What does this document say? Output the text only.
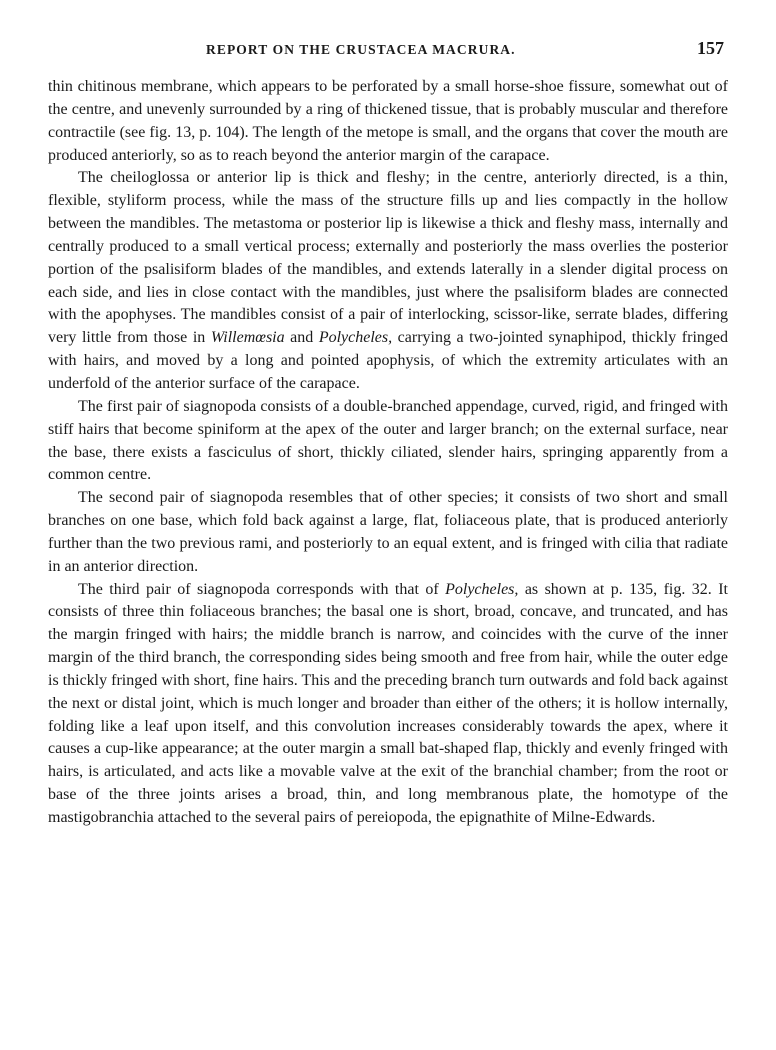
REPORT ON THE CRUSTACEA MACRURA.	157

thin chitinous membrane, which appears to be perforated by a small horse-shoe fissure, somewhat out of the centre, and unevenly surrounded by a ring of thickened tissue, that is probably muscular and therefore contractile (see fig. 13, p. 104). The length of the metope is small, and the organs that cover the mouth are produced anteriorly, so as to reach beyond the anterior margin of the carapace.

The cheiloglossa or anterior lip is thick and fleshy; in the centre, anteriorly directed, is a thin, flexible, styliform process, while the mass of the structure fills up and lies compactly in the hollow between the mandibles. The metastoma or posterior lip is likewise a thick and fleshy mass, internally and centrally produced to a small vertical process; externally and posteriorly the mass overlies the posterior portion of the psalisiform blades of the mandibles, and extends laterally in a slender digital process on each side, and lies in close contact with the mandibles, just where the psalisiform blades are connected with the apophyses. The mandibles consist of a pair of interlocking, scissor-like, serrate blades, differing very little from those in Willemœsia and Polycheles, carrying a two-jointed synaphipod, thickly fringed with hairs, and moved by a long and pointed apophysis, of which the extremity articulates with an underfold of the anterior surface of the carapace.

The first pair of siagnopoda consists of a double-branched appendage, curved, rigid, and fringed with stiff hairs that become spiniform at the apex of the outer and larger branch; on the external surface, near the base, there exists a fasciculus of short, thickly ciliated, slender hairs, springing apparently from a common centre.

The second pair of siagnopoda resembles that of other species; it consists of two short and small branches on one base, which fold back against a large, flat, foliaceous plate, that is produced anteriorly further than the two previous rami, and posteriorly to an equal extent, and is fringed with cilia that radiate in an anterior direction.

The third pair of siagnopoda corresponds with that of Polycheles, as shown at p. 135, fig. 32. It consists of three thin foliaceous branches; the basal one is short, broad, concave, and truncated, and has the margin fringed with hairs; the middle branch is narrow, and coincides with the curve of the inner margin of the third branch, the corresponding sides being smooth and free from hair, while the outer edge is thickly fringed with short, fine hairs. This and the preceding branch turn outwards and fold back against the next or distal joint, which is much longer and broader than either of the others; it is hollow internally, folding like a leaf upon itself, and this convolution increases considerably towards the apex, where it causes a cup-like appearance; at the outer margin a small bat-shaped flap, thickly and evenly fringed with hairs, is articulated, and acts like a movable valve at the exit of the branchial chamber; from the root or base of the three joints arises a broad, thin, and long membranous plate, the homotype of the mastigobranchia attached to the several pairs of pereiopoda, the epignathite of Milne-Edwards.
